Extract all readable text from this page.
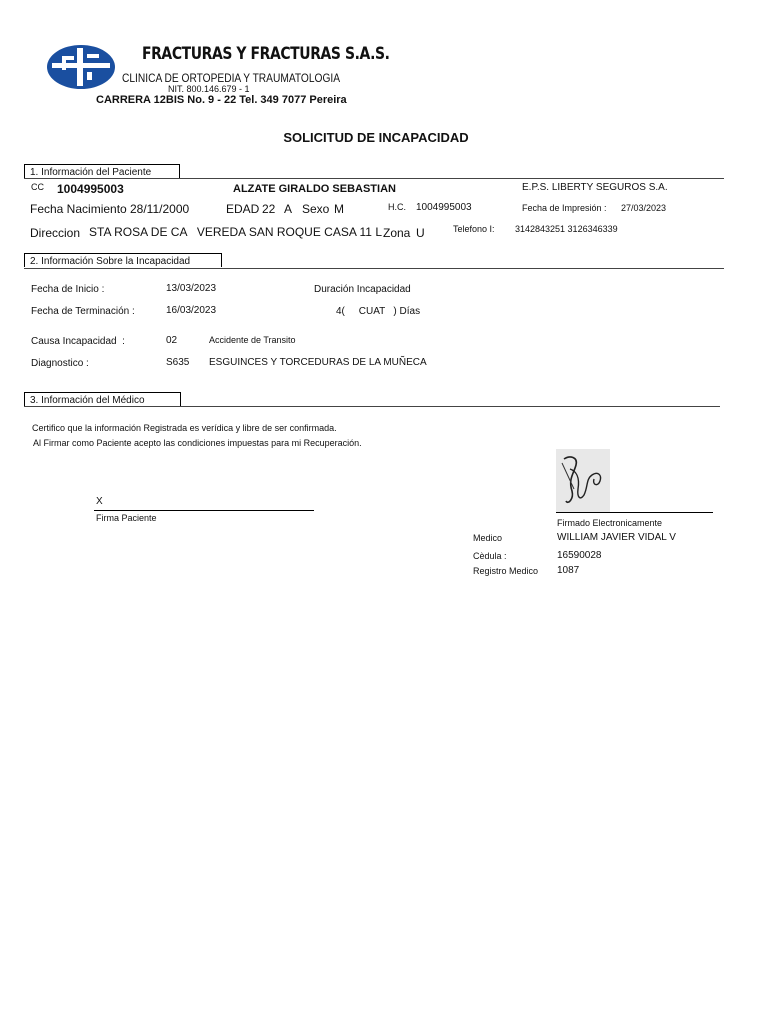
FRACTURAS Y FRACTURAS S.A.S.
CLINICA DE ORTOPEDIA Y TRAUMATOLOGIA
NIT. 800.146.679 - 1
CARRERA 12BIS No. 9 - 22 Tel. 349 7077 Pereira
SOLICITUD DE INCAPACIDAD
1. Información del Paciente
CC 1004995003	ALZATE GIRALDO SEBASTIAN	E.P.S. LIBERTY SEGUROS S.A.
Fecha Nacimiento 28/11/2000	EDAD 22 A Sexo M	H.C. 1004995003	Fecha de Impresión : 27/03/2023
Direccion STA ROSA DE CA   VEREDA SAN ROQUE CASA 11 L Zona U	Telefono I: 3142843251 3126346339
2. Información Sobre la Incapacidad
Fecha de Inicio :	13/03/2023	Duración Incapacidad
Fecha de Terminación :	16/03/2023	4(     CUAT   ) Días
Causa Incapacidad  :	02	Accidente de Transito
Diagnostico :	S635 ESGUINCES Y TORCEDURAS DE LA MUÑECA
3. Información del Médico
Certifico que la información Registrada es verídica y libre de ser confirmada.
Al Firmar como Paciente acepto las condiciones impuestas para mi Recuperación.
X
Firma Paciente	Firmado Electronicamente
Medico	WILLIAM JAVIER VIDAL V
Cèdula :	16590028
Registro Medico 1087
